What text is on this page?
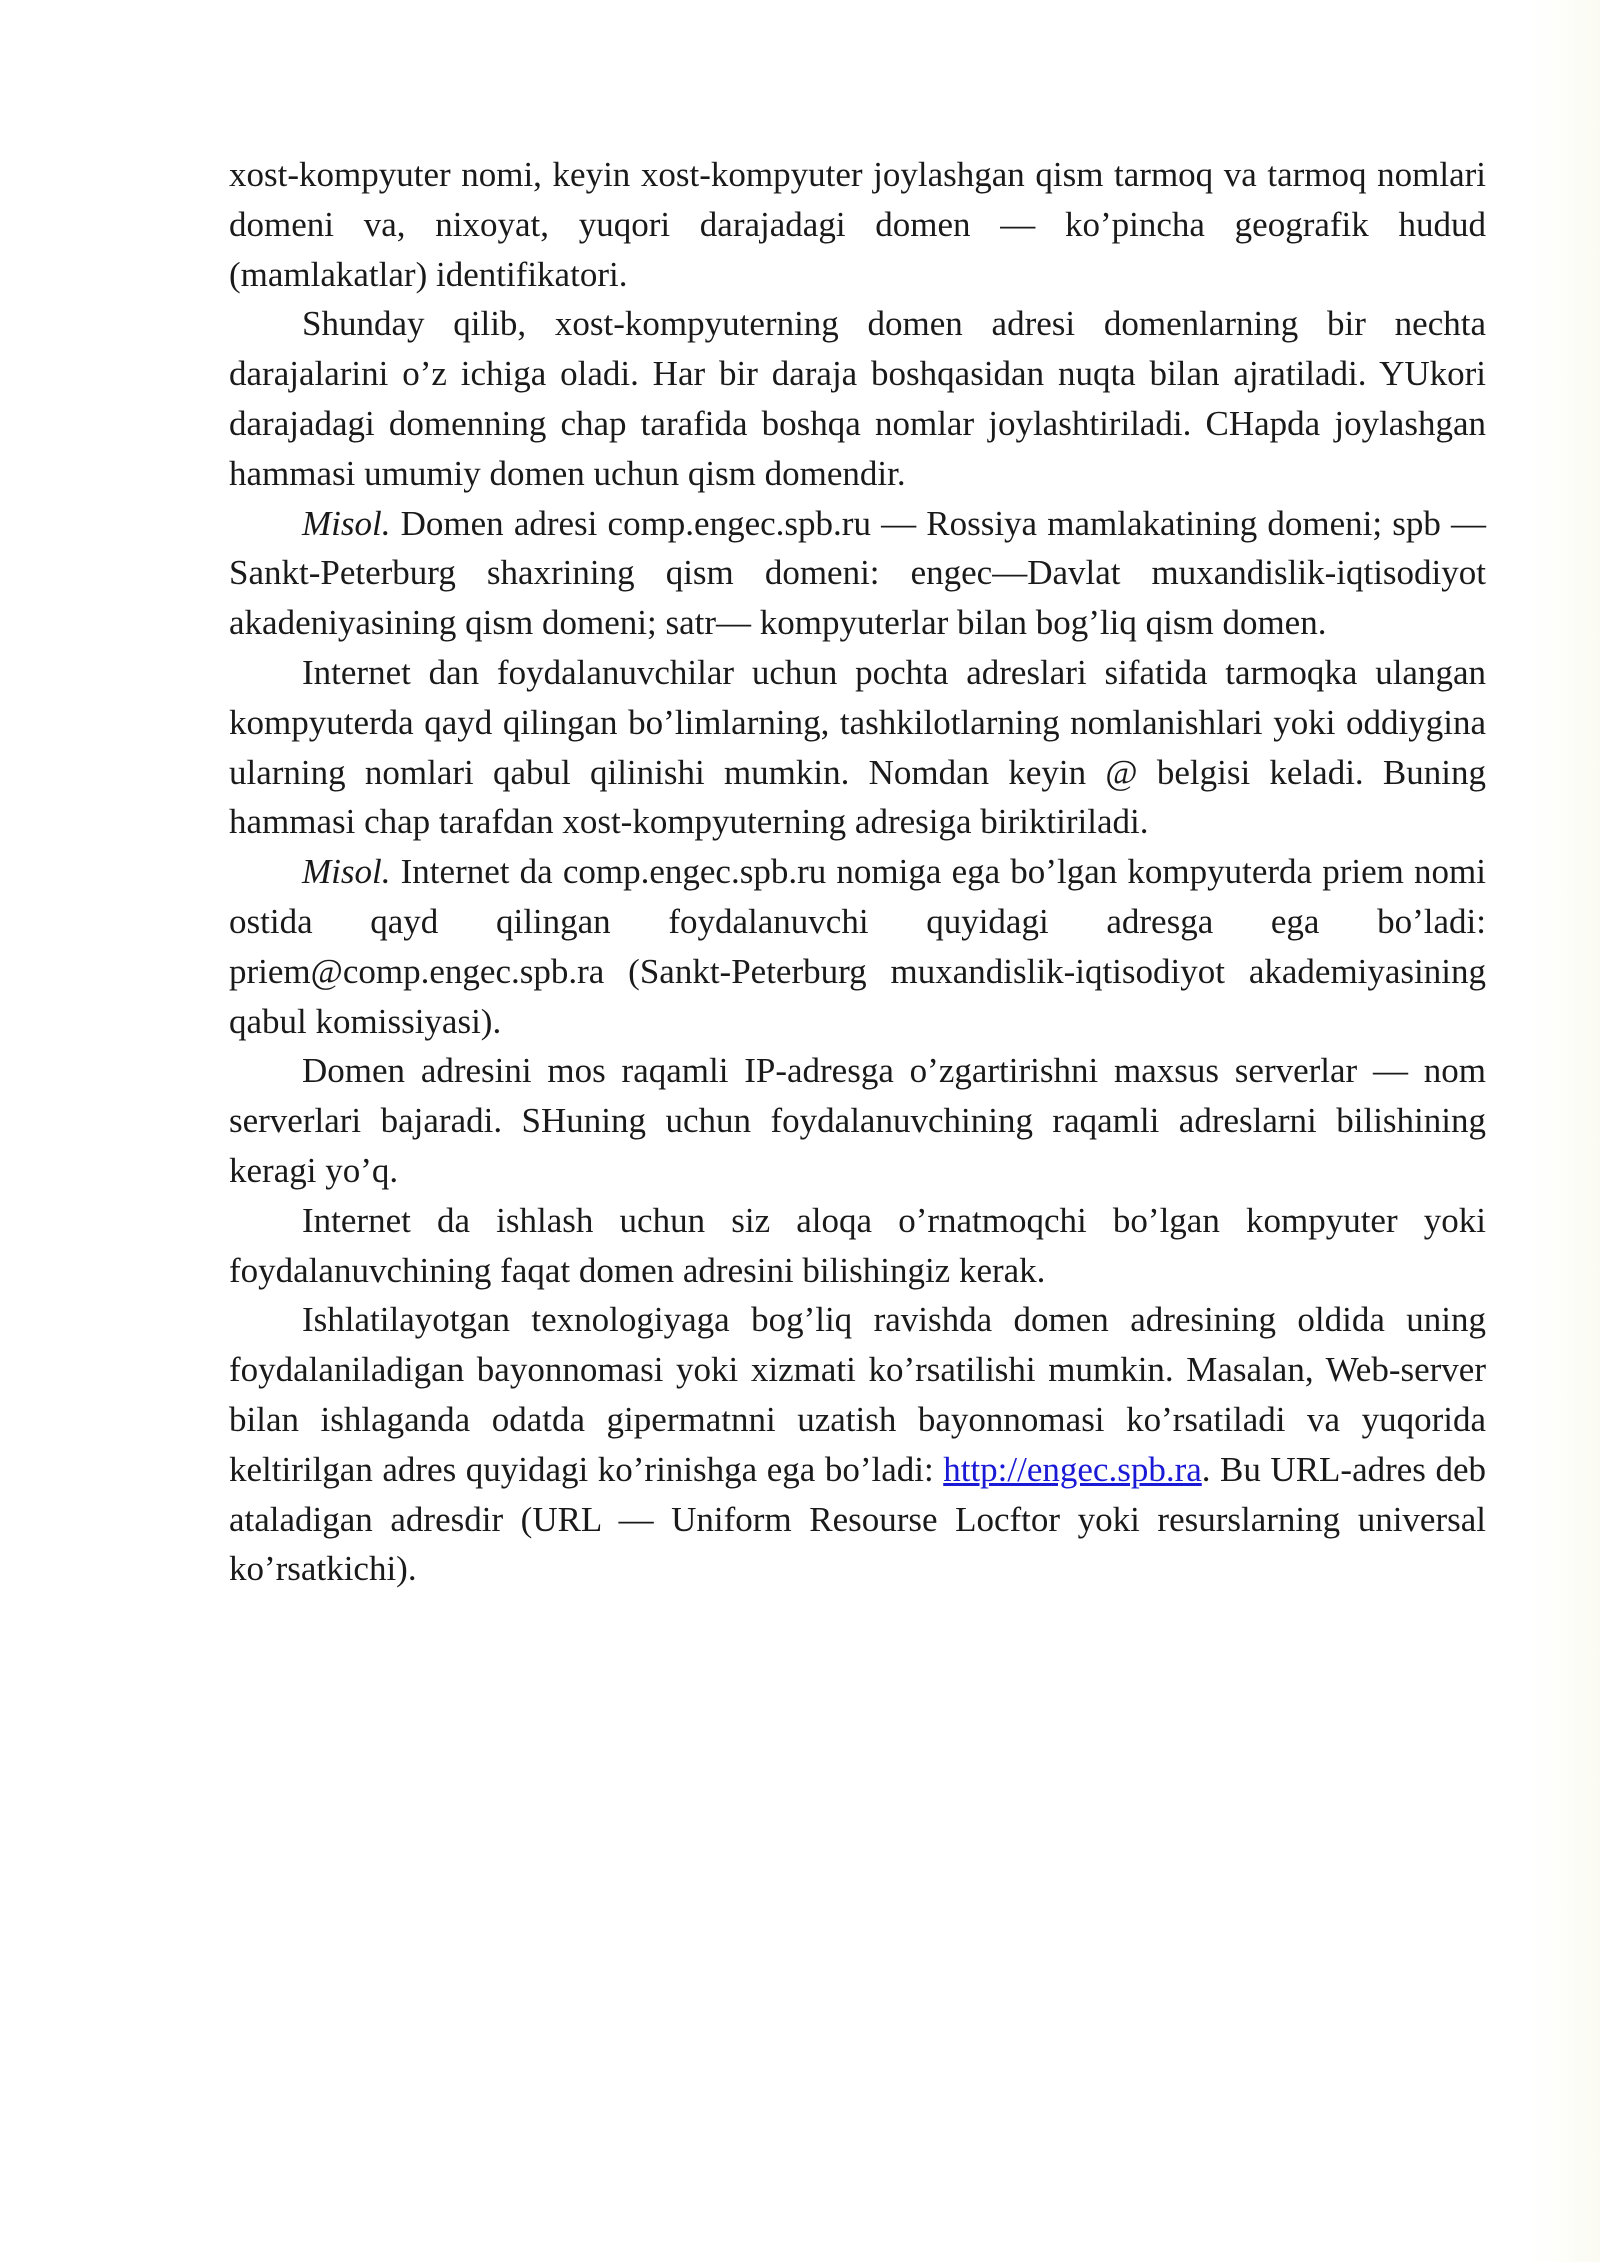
xost-kompyuter nomi, keyin xost-kompyuter joylashgan qism tarmoq va tarmoq nomlari domeni va, nixoyat, yuqori darajadagi domen — ko’pincha geografik hudud (mamlakatlar) identifikatori.

Shunday qilib, xost-kompyuterning domen adresi domenlarning bir nechta darajalarini o’z ichiga oladi. Har bir daraja boshqasidan nuqta bilan ajratiladi. YUkori darajadagi domenning chap tarafida boshqa nomlar joylashtiriladi. CHapda joylashgan hammasi umumiy domen uchun qism domendir.

Misol. Domen adresi comp.engec.spb.ru — Rossiya mamlakatining domeni; spb — Sankt-Peterburg shaxrining qism domeni: engec—Davlat muxandislik-iqtisodiyot akadeniyasining qism domeni; satr— kompyuterlar bilan bog’liq qism domen.

Internet dan foydalanuvchilar uchun pochta adreslari sifatida tarmoqka ulangan kompyuterda qayd qilingan bo’limlarning, tashkilotlarning nomlanishlari yoki oddiygina ularning nomlari qabul qilinishi mumkin. Nomdan keyin @ belgisi keladi. Buning hammasi chap tarafdan xost-kompyuterning adresiga biriktiriladi.

Misol. Internet da comp.engec.spb.ru nomiga ega bo’lgan kompyuterda priem nomi ostida qayd qilingan foydalanuvchi quyidagi adresga ega bo’ladi: priem@comp.engec.spb.ra (Sankt-Peterburg muxandislik-iqtisodiyot akademiyasining qabul komissiyasi).

Domen adresini mos raqamli IP-adresga o’zgartirishni maxsus serverlar — nom serverlari bajaradi. SHuning uchun foydalanuvchining raqamli adreslarni bilishining keragi yo’q.

Internet da ishlash uchun siz aloqa o’rnatmoqchi bo’lgan kompyuter yoki foydalanuvchining faqat domen adresini bilishingiz kerak.

Ishlatilayotgan texnologiyaga bog’liq ravishda domen adresining oldida uning foydalaniladigan bayonnomasi yoki xizmati ko’rsatilishi mumkin. Masalan, Web-server bilan ishlaganda odatda gipermatnni uzatish bayonnomasi ko’rsatiladi va yuqorida keltirilgan adres quyidagi ko’rinishga ega bo’ladi: http://engec.spb.ra. Bu URL-adres deb ataladigan adresdir (URL — Uniform Resourse Locftor yoki resurslarning universal ko’rsatkichi).
